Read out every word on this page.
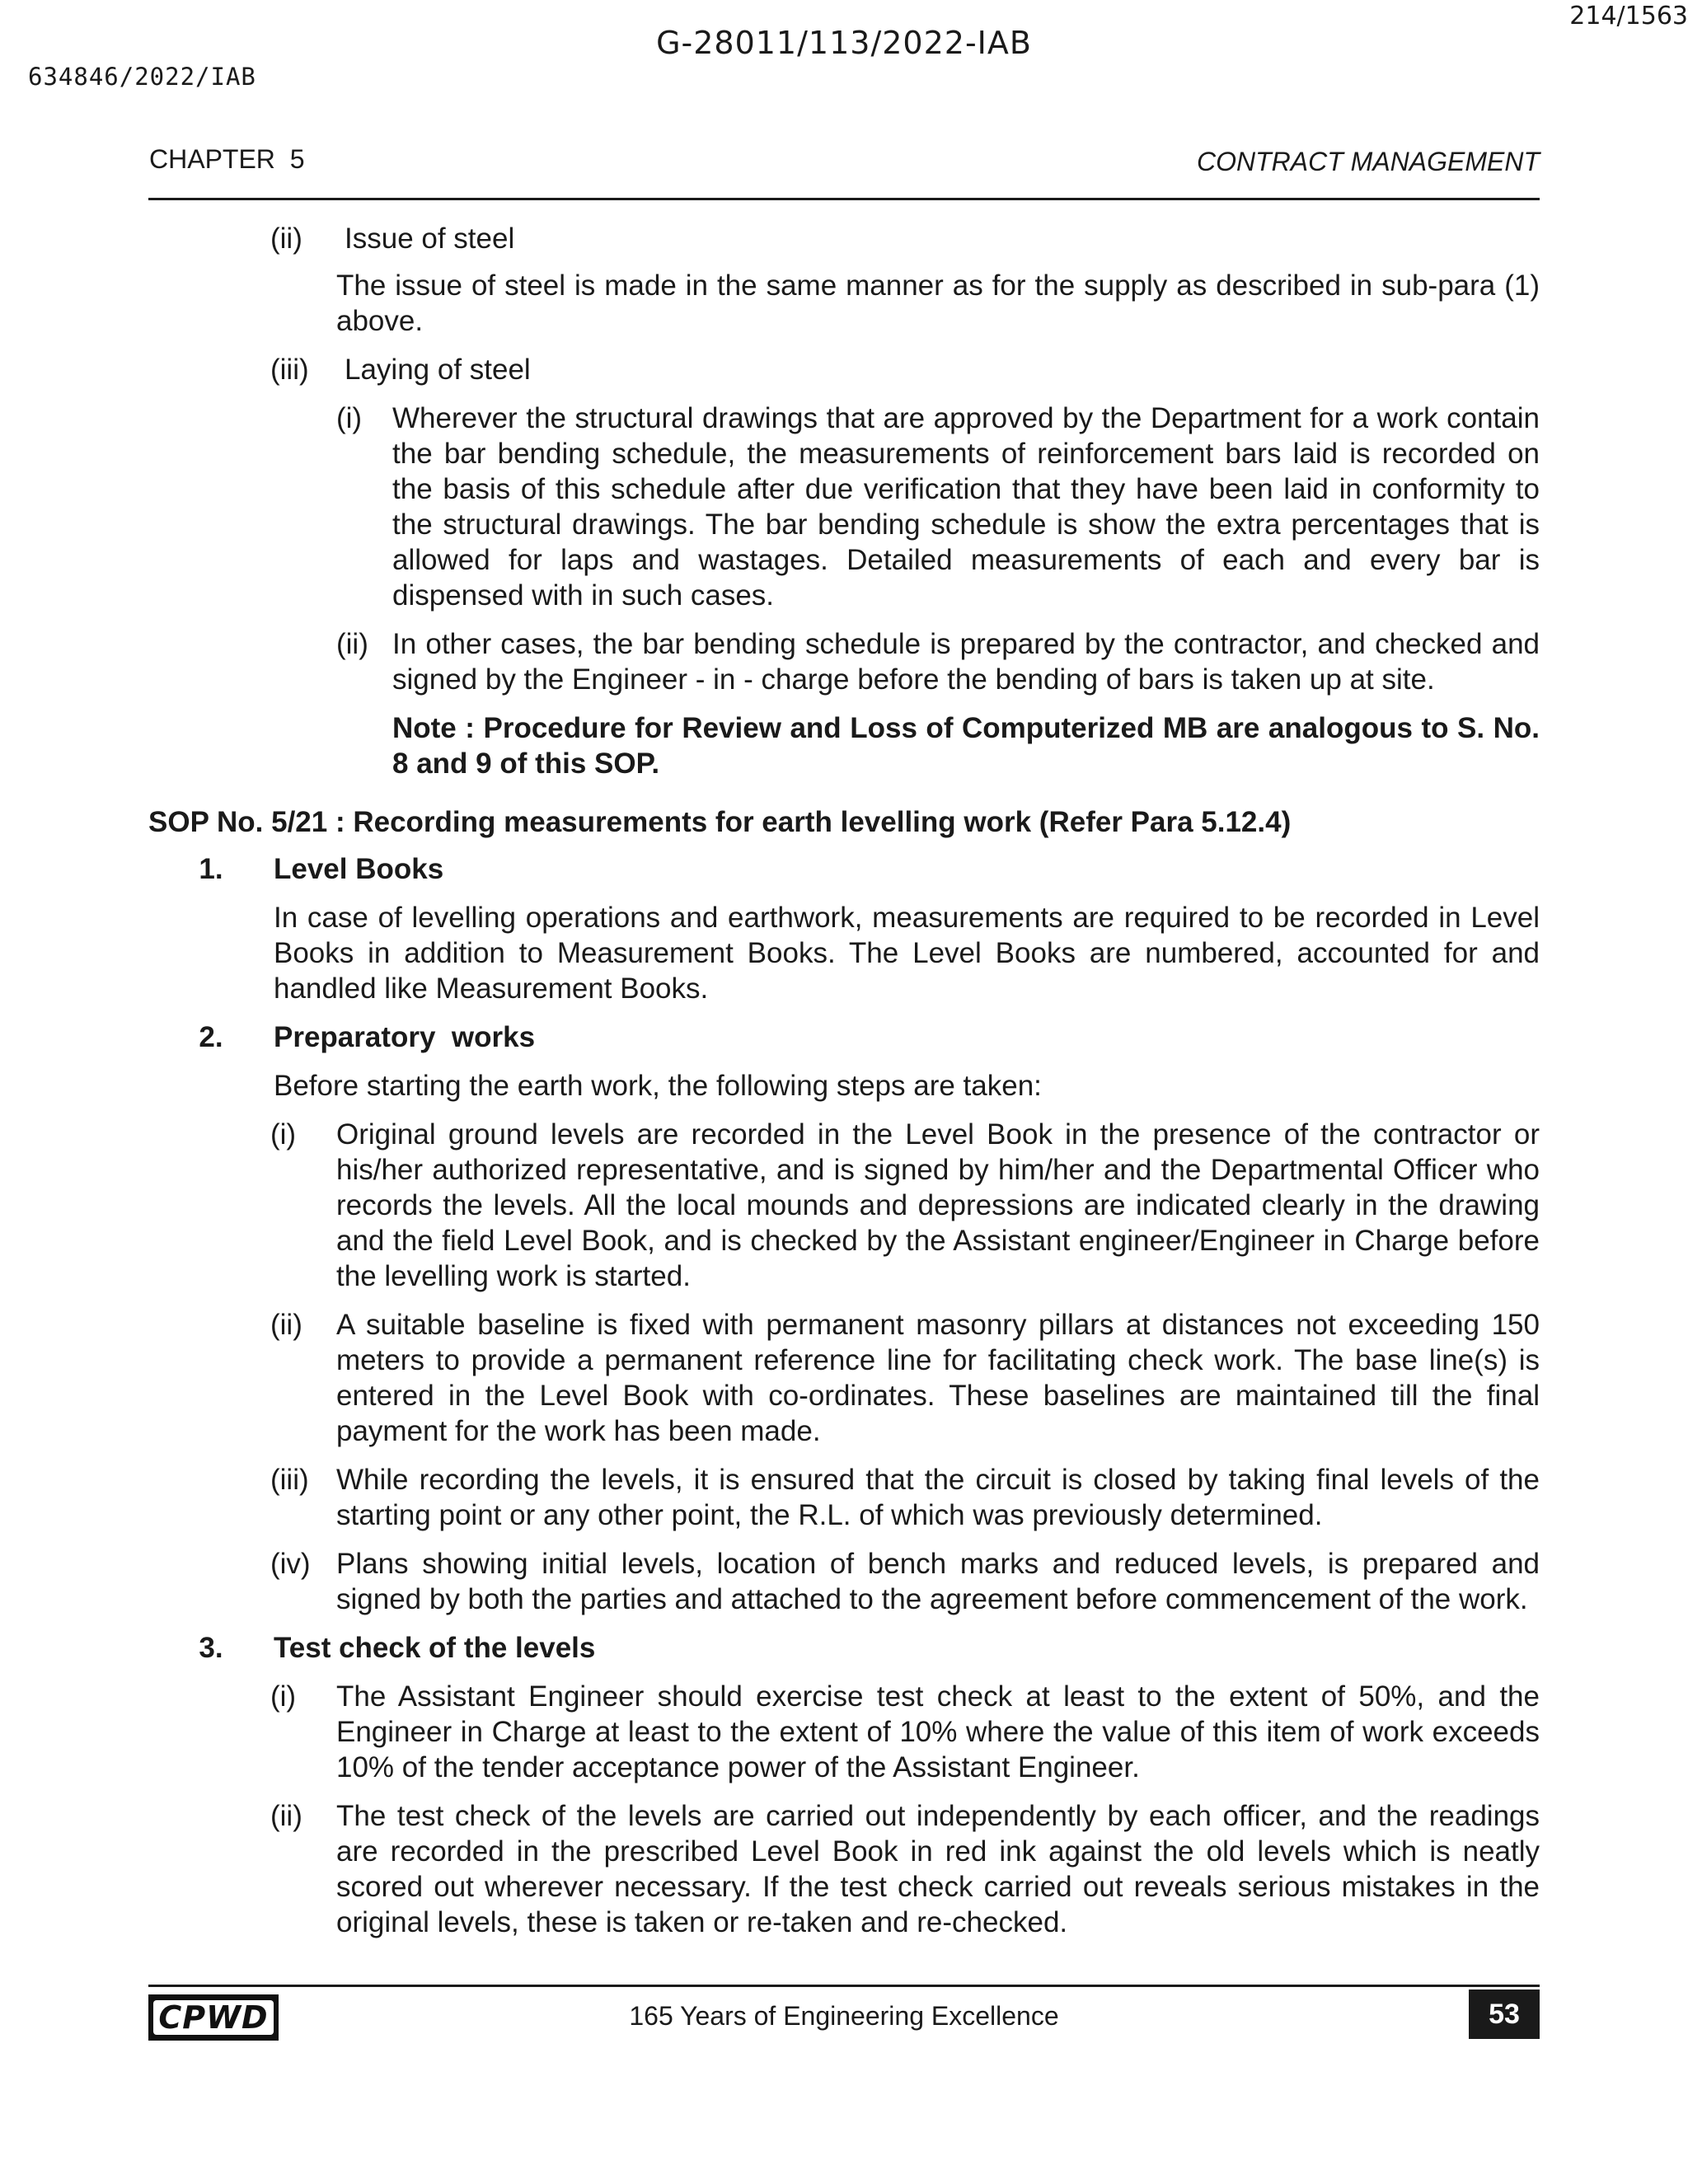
G-28011/113/2022-IAB
214/1563
634846/2022/IAB
CHAPTER  5	CONTRACT MANAGEMENT
(ii)	Issue of steel

The issue of steel is made in the same manner as for the supply as described in sub-para (1) above.

(iii)	Laying of steel
(i)	Wherever the structural drawings that are approved by the Department for a work contain the bar bending schedule, the measurements of reinforcement bars laid is recorded on the basis of this schedule after due verification that they have been laid in conformity to the structural drawings. The bar bending schedule is show the extra percentages that is allowed for laps and wastages. Detailed measurements of each and every bar is dispensed with in such cases.

(ii) In other cases, the bar bending schedule is prepared by the contractor, and checked and signed by the Engineer - in - charge before the bending of bars is taken up at site.

Note : Procedure for Review and Loss of Computerized MB are analogous to S. No. 8 and 9 of this SOP.

SOP No. 5/21 : Recording measurements for earth levelling work (Refer Para 5.12.4)

1.	Level Books

In case of levelling operations and earthwork, measurements are required to be recorded in Level Books in addition to Measurement Books. The Level Books are numbered, accounted for and handled like Measurement Books.

2.	Preparatory  works

Before starting the earth work, the following steps are taken:

(i)	Original ground levels are recorded in the Level Book in the presence of the contractor or his/her authorized representative, and is signed by him/her and the Departmental Officer who records the levels. All the local mounds and depressions are indicated clearly in the drawing and the field Level Book, and is checked by the Assistant engineer/Engineer in Charge before the levelling work is started.

(ii)	A suitable baseline is fixed with permanent masonry pillars at distances not exceeding 150 meters to provide a permanent reference line for facilitating check work. The base line(s) is entered in the Level Book with co-ordinates. These baselines are maintained till the final payment for the work has been made.

(iii) While recording the levels, it is ensured that the circuit is closed by taking final levels of the starting point or any other point, the R.L. of which was previously determined.

(iv) Plans showing initial levels, location of bench marks and reduced levels, is prepared and signed by both the parties and attached to the agreement before commencement of the work.

3.	Test check of the levels
(i)	The Assistant Engineer should exercise test check at least to the extent of 50%, and the Engineer in Charge at least to the extent of 10% where the value of this item of work exceeds 10% of the tender acceptance power of the Assistant Engineer.

(ii)	The test check of the levels are carried out independently by each officer, and the readings are recorded in the prescribed Level Book in red ink against the old levels which is neatly scored out wherever necessary. If the test check carried out reveals serious mistakes in the original levels, these is taken or re-taken and re-checked.

CPWD	165 Years of Engineering Excellence	53
